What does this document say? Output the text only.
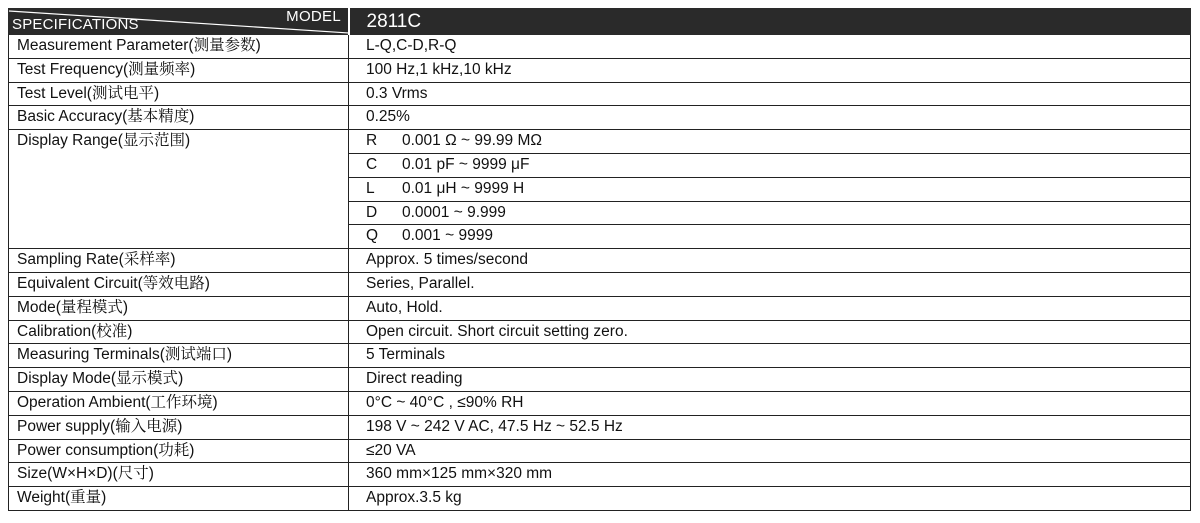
SPECIFICATIONS MODEL	2811C
Measurement Parameter(测量参数)	L-Q,C-D,R-Q
Test Frequency(测量频率)	100 Hz,1 kHz,10 kHz
Test Level(测试电平)	0.3 Vrms
Basic Accuracy(基本精度)	0.25%
Display Range(显示范围)	R 0.001 Ω ~ 99.99 MΩ
	C 0.01 pF ~ 9999 μF
	L 0.01 μH ~ 9999 H
	D 0.0001 ~ 9.999
	Q 0.001 ~ 9999
Sampling Rate(采样率)	Approx. 5 times/second
Equivalent Circuit(等效电路)	Series, Parallel.
Mode(量程模式)	Auto, Hold.
Calibration(校准)	Open circuit. Short circuit setting zero.
Measuring Terminals(测试端口)	5 Terminals
Display Mode(显示模式)	Direct reading
Operation Ambient(工作环境)	0°C ~ 40°C , ≤90% RH
Power supply(输入电源)	198 V ~ 242 V AC, 47.5 Hz ~ 52.5 Hz
Power consumption(功耗)	≤20 VA
Size(W×H×D)(尺寸)	360 mm×125 mm×320 mm
Weight(重量)	Approx.3.5 kg
